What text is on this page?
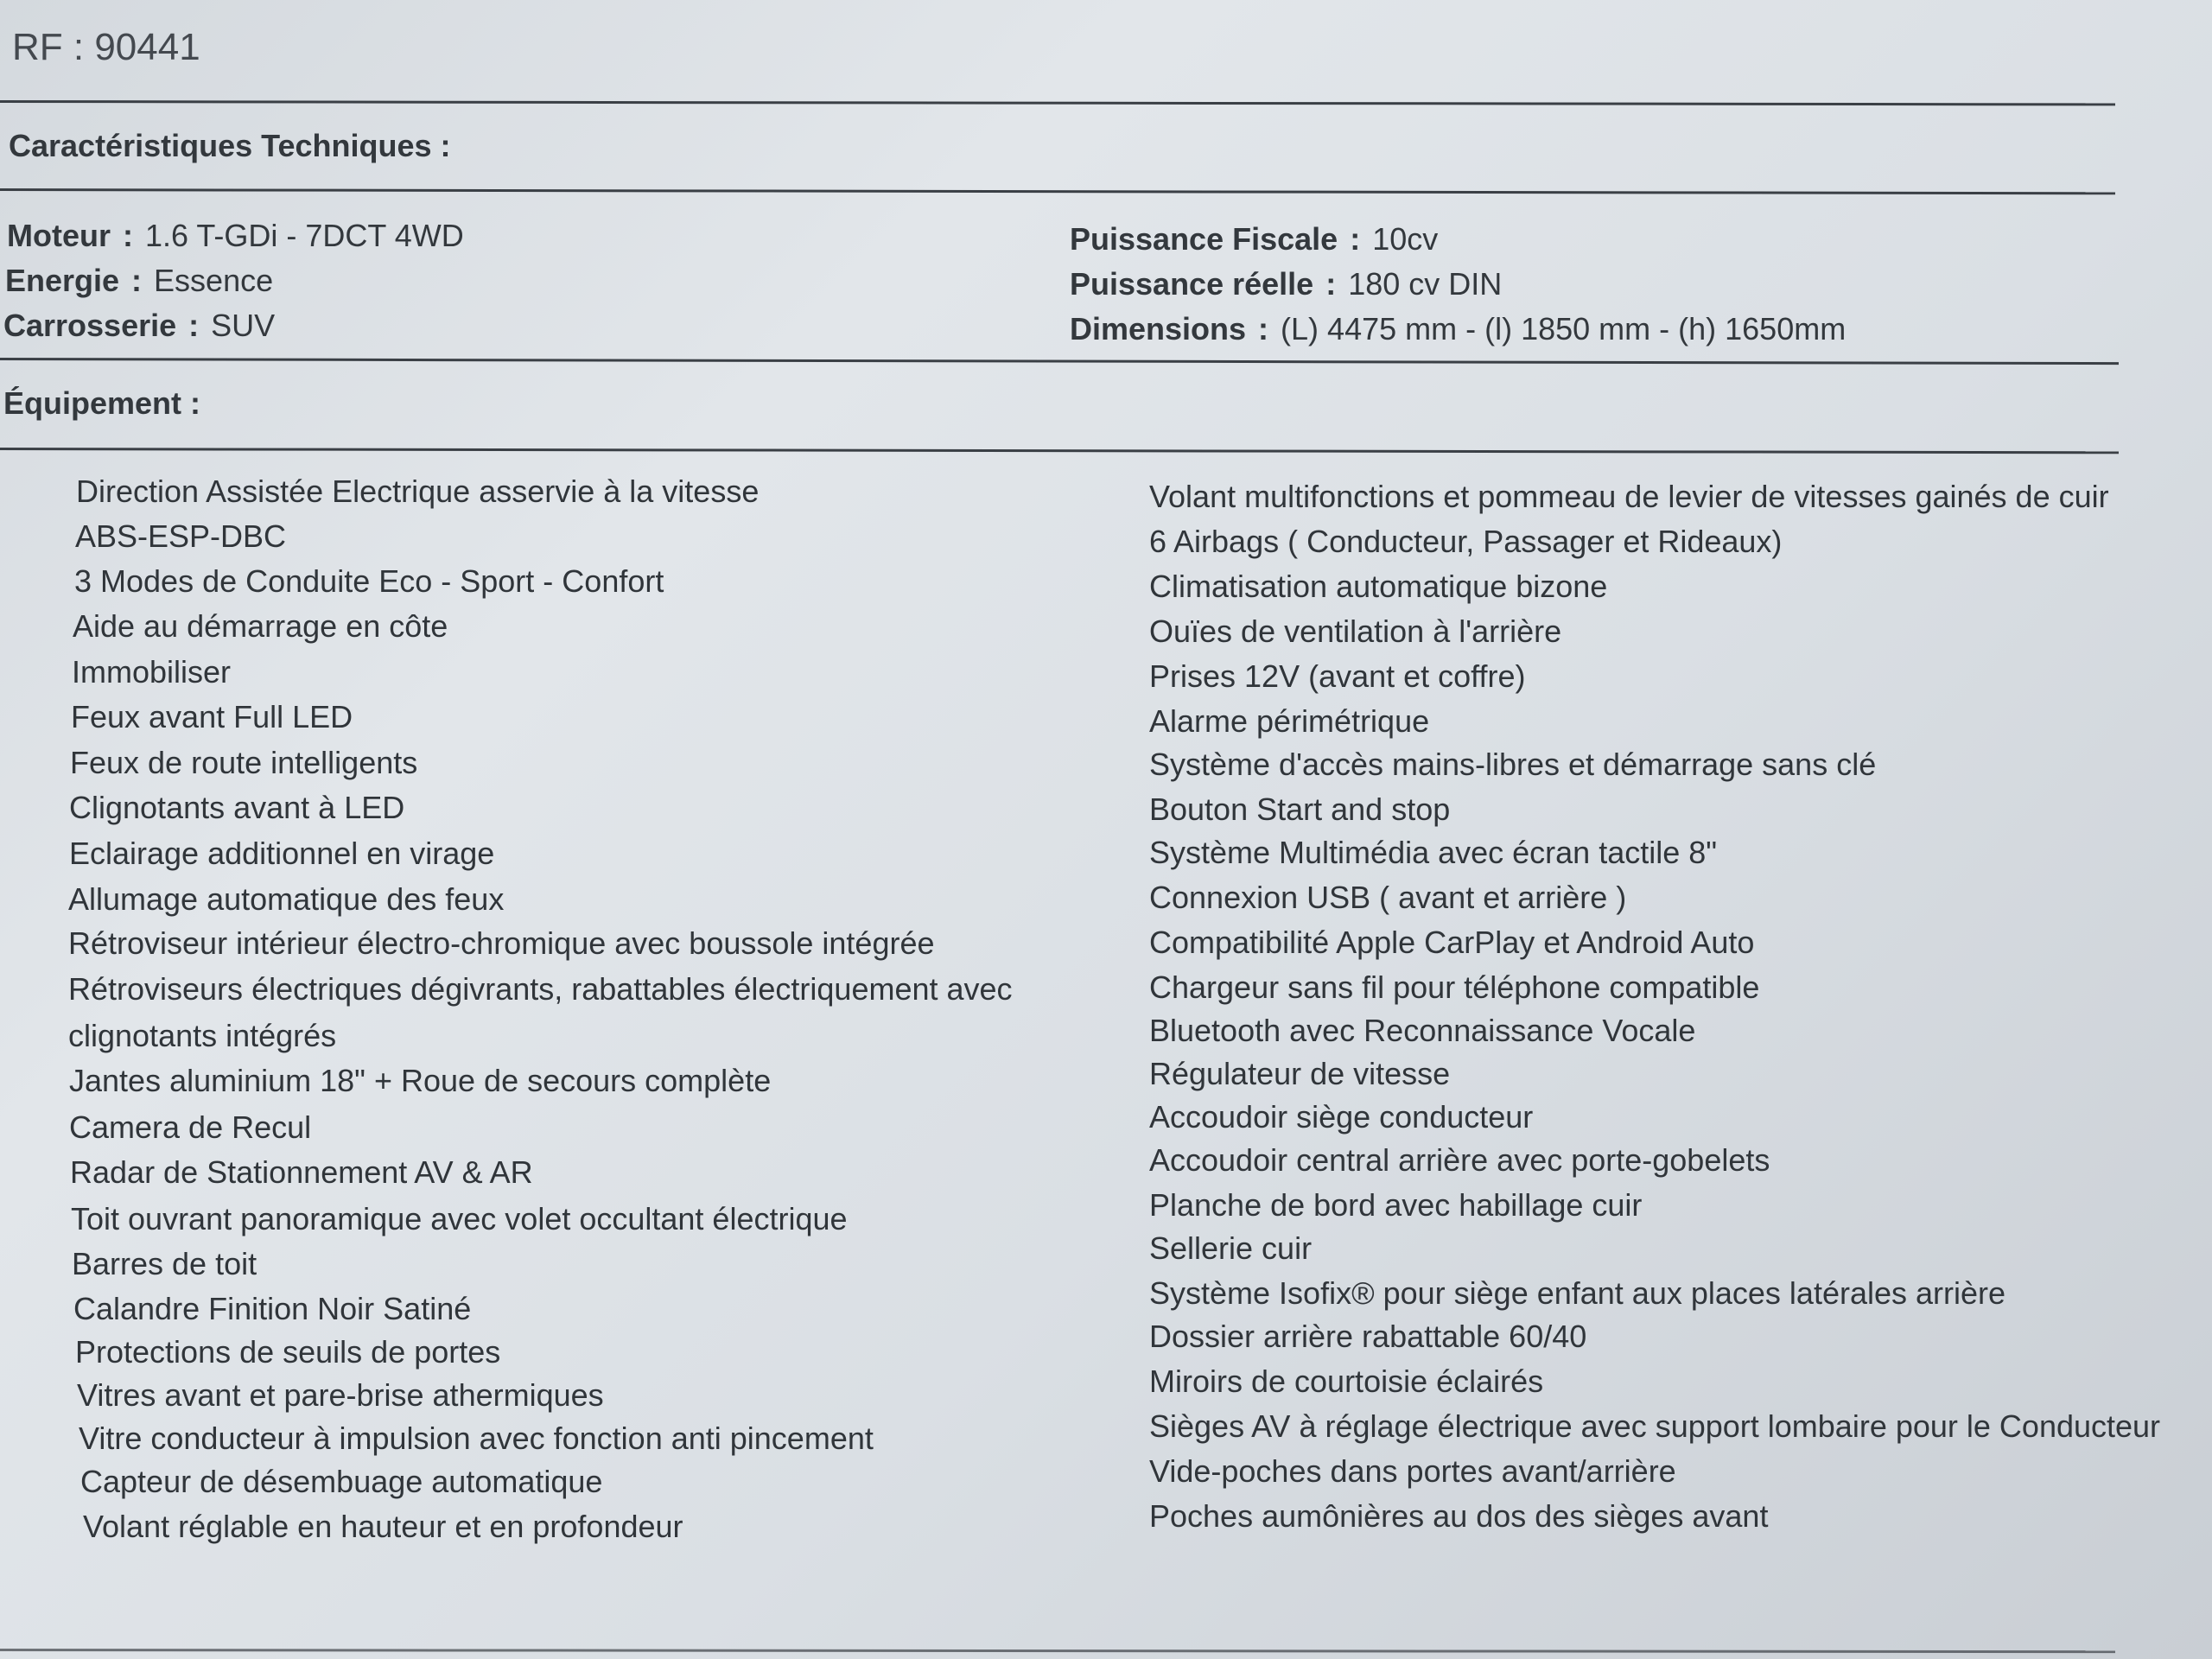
RF : 90441
Caractéristiques Techniques :
Moteur : 1.6 T-GDi - 7DCT 4WD
Energie : Essence
Carrosserie : SUV
Puissance Fiscale : 10cv
Puissance réelle : 180 cv DIN
Dimensions : (L) 4475 mm - (l) 1850 mm - (h) 1650mm
Équipement :
Direction Assistée Electrique asservie à la vitesse
ABS-ESP-DBC
3 Modes de Conduite Eco - Sport - Confort
Aide au démarrage en côte
Immobiliser
Feux avant Full LED
Feux de route intelligents
Clignotants avant à LED
Eclairage additionnel en virage
Allumage automatique des feux
Rétroviseur intérieur électro-chromique avec boussole intégrée
Rétroviseurs électriques dégivrants, rabattables électriquement avec
clignotants intégrés
Jantes aluminium 18" + Roue de secours complète
Camera de Recul
Radar de Stationnement AV & AR
Toit ouvrant panoramique avec volet occultant électrique
Barres de toit
Calandre Finition Noir Satiné
Protections de seuils de portes
Vitres avant et pare-brise athermiques
Vitre conducteur à impulsion avec fonction anti pincement
Capteur de désembuage automatique
Volant réglable en hauteur et en profondeur
Volant multifonctions et pommeau de levier de vitesses gainés de cuir
6 Airbags ( Conducteur, Passager et Rideaux)
Climatisation automatique bizone
Ouïes de ventilation à l'arrière
Prises 12V (avant et coffre)
Alarme périmétrique
Système d'accès mains-libres et démarrage sans clé
Bouton Start and stop
Système Multimédia avec écran tactile 8"
Connexion USB ( avant et arrière )
Compatibilité Apple CarPlay et Android Auto
Chargeur sans fil pour téléphone compatible
Bluetooth avec Reconnaissance Vocale
Régulateur de vitesse
Accoudoir siège conducteur
Accoudoir central arrière avec porte-gobelets
Planche de bord avec habillage cuir
Sellerie cuir
Système Isofix® pour siège enfant aux places latérales arrière
Dossier arrière rabattable 60/40
Miroirs de courtoisie éclairés
Sièges AV à réglage électrique avec support lombaire pour le Conducteur
Vide-poches dans portes avant/arrière
Poches aumônières au dos des sièges avant
